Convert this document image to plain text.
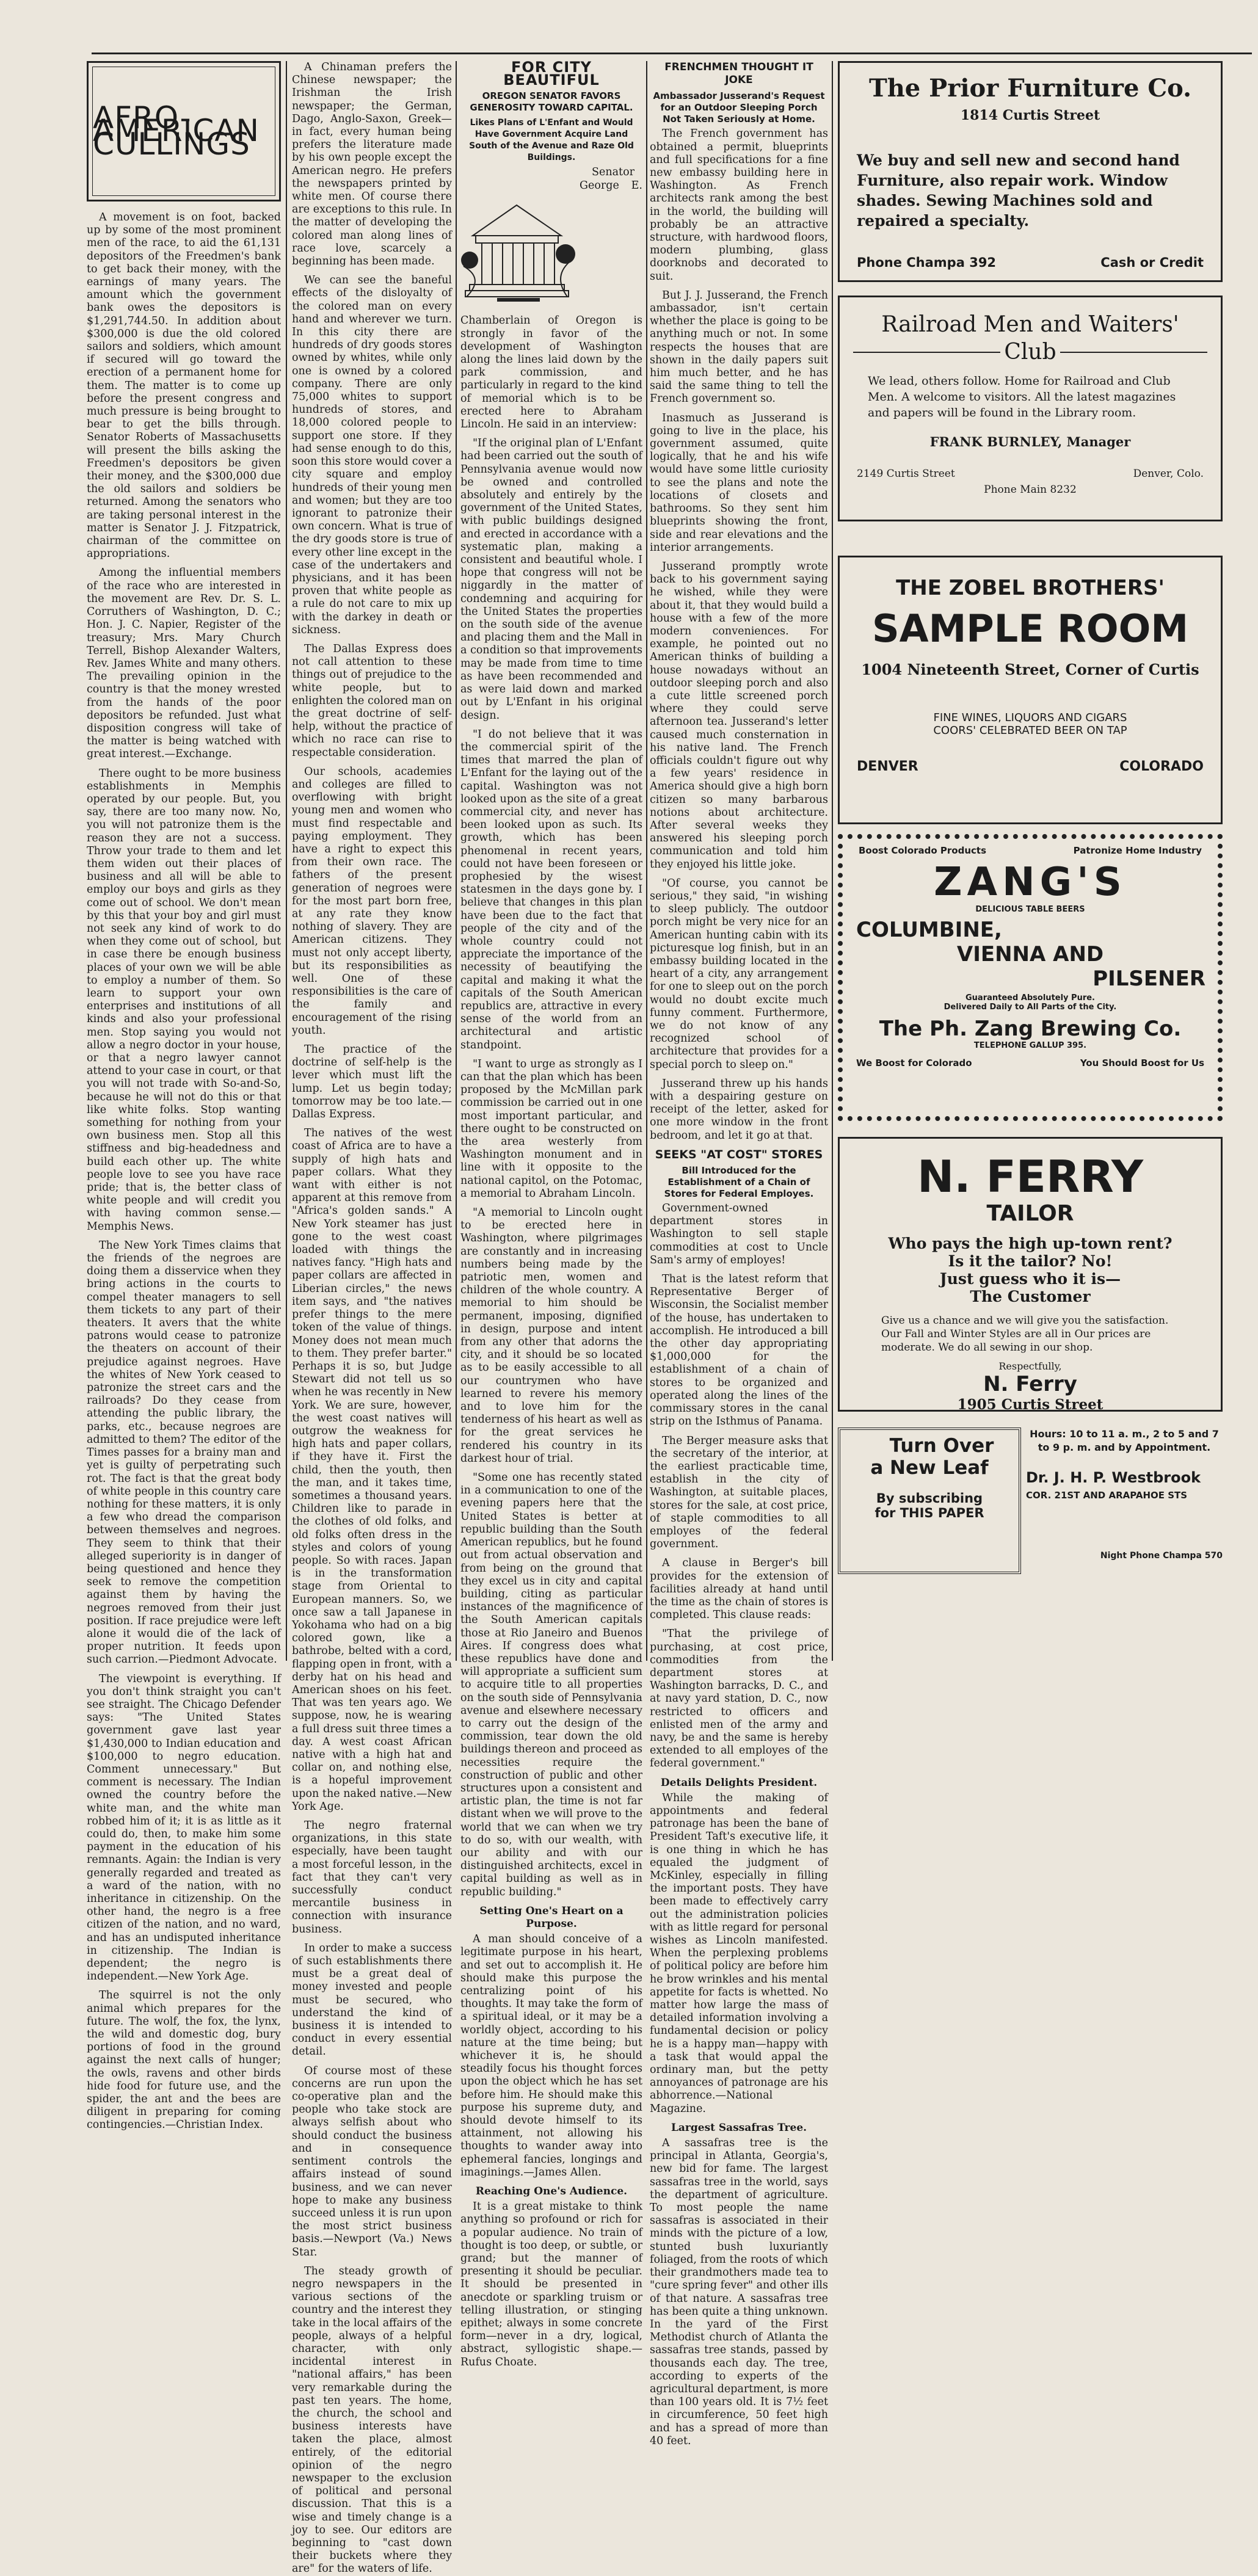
AFRO-AMERICAN CULLINGS

A movement is on foot, backed up by some of the most prominent men of the race, to aid the 61,131 depositors of the Freedmen's bank to get back their money, with the earnings of many years. The amount which the government bank owes the depositors is $1,291,744.50. In addition about $300,000 is due the old colored sailors and soldiers, which amount if secured will go toward the erection of a permanent home for them. The matter is to come up before the present congress and much pressure is being brought to bear to get the bills through. Senator Roberts of Massachusetts will present the bills asking the Freedmen's depositors be given their money, and the $300,000 due the old sailors and soldiers be returned. Among the senators who are taking personal interest in the matter is Senator J. J. Fitzpatrick, chairman of the committee on appropriations.

Among the influential members of the race who are interested in the movement are Rev. Dr. S. L. Corruthers of Washington, D. C.; Hon. J. C. Napier, Register of the treasury; Mrs. Mary Church Terrell, Bishop Alexander Walters, Rev. James White and many others. The prevailing opinion in the country is that the money wrested from the hands of the poor depositors be refunded. Just what disposition congress will take of the matter is being watched with great interest.—Exchange.

There ought to be more business establishments in Memphis operated by our people. But, you say, there are too many now. No, you will not patronize them is the reason they are not a success. Throw your trade to them and let them widen out their places of business and all will be able to employ our boys and girls as they come out of school. We don't mean by this that your boy and girl must not seek any kind of work to do when they come out of school, but in case there be enough business places of your own we will be able to employ a number of them. So learn to support your own enterprises and institutions of all kinds and also your professional men. Stop saying you would not allow a negro doctor in your house, or that a negro lawyer cannot attend to your case in court, or that you will not trade with So-and-So, because he will not do this or that like white folks. Stop wanting something for nothing from your own business men. Stop all this stiffness and big-headedness and build each other up. The white people love to see you have race pride; that is, the better class of white people and will credit you with having common sense.—Memphis News.

The New York Times claims that the friends of the negroes are doing them a disservice when they bring actions in the courts to compel theater managers to sell them tickets to any part of their theaters. It avers that the white patrons would cease to patronize the theaters on account of their prejudice against negroes. Have the whites of New York ceased to patronize the street cars and the railroads? Do they cease from attending the public library, the parks, etc., because negroes are admitted to them? The editor of the Times passes for a brainy man and yet is guilty of perpetrating such rot. The fact is that the great body of white people in this country care nothing for these matters, it is only a few who dread the comparison between themselves and negroes. They seem to think that their alleged superiority is in danger of being questioned and hence they seek to remove the competition against them by having the negroes removed from their just position. If race prejudice were left alone it would die of the lack of proper nutrition. It feeds upon such carrion.—Piedmont Advocate.

The viewpoint is everything. If you don't think straight you can't see straight. The Chicago Defender says: "The United States government gave last year $1,430,000 to Indian education and $100,000 to negro education. Comment unnecessary." But comment is necessary. The Indian owned the country before the white man, and the white man robbed him of it; it is as little as it could do, then, to make him some payment in the education of his remnants. Again: the Indian is very generally regarded and treated as a ward of the nation, with no inheritance in citizenship. On the other hand, the negro is a free citizen of the nation, and no ward, and has an undisputed inheritance in citizenship. The Indian is dependent; the negro is independent.—New York Age.

The squirrel is not the only animal which prepares for the future. The wolf, the fox, the lynx, the wild and domestic dog, bury portions of food in the ground against the next calls of hunger; the owls, ravens and other birds hide food for future use, and the spider, the ant and the bees are diligent in preparing for coming contingencies.—Christian Index.

A Chinaman prefers the Chinese newspaper; the Irishman the Irish newspaper; the German, Dago, Anglo-Saxon, Greek—in fact, every human being prefers the literature made by his own people except the American negro. He prefers the newspapers printed by white men. Of course there are exceptions to this rule. In the matter of developing the colored man along lines of race love, scarcely a beginning has been made.

We can see the baneful effects of the disloyalty of the colored man on every hand and wherever we turn. In this city there are hundreds of dry goods stores owned by whites, while only one is owned by a colored company. There are only 75,000 whites to support hundreds of stores, and 18,000 colored people to support one store. If they had sense enough to do this, soon this store would cover a city square and employ hundreds of their young men and women; but they are too ignorant to patronize their own concern. What is true of the dry goods store is true of every other line except in the case of the undertakers and physicians, and it has been proven that white people as a rule do not care to mix up with the darkey in death or sickness.

The Dallas Express does not call attention to these things out of prejudice to the white people, but to enlighten the colored man on the great doctrine of self-help, without the practice of which no race can rise to respectable consideration.

Our schools, academies and colleges are filled to overflowing with bright young men and women who must find respectable and paying employment. They have a right to expect this from their own race. The fathers of the present generation of negroes were for the most part born free, at any rate they know nothing of slavery. They are American citizens. They must not only accept liberty, but its responsibilities as well. One of these responsibilities is the care of the family and encouragement of the rising youth.

The practice of the doctrine of self-help is the lever which must lift the lump. Let us begin today; tomorrow may be too late.—Dallas Express.

The natives of the west coast of Africa are to have a supply of high hats and paper collars. What they want with either is not apparent at this remove from "Africa's golden sands." A New York steamer has just gone to the west coast loaded with things the natives fancy. "High hats and paper collars are affected in Liberian circles," the news item says, and "the natives prefer things to the mere token of the value of things. Money does not mean much to them. They prefer barter." Perhaps it is so, but Judge Stewart did not tell us so when he was recently in New York. We are sure, however, the west coast natives will outgrow the weakness for high hats and paper collars, if they have it. First the child, then the youth, then the man, and it takes time, sometimes a thousand years. Children like to parade in the clothes of old folks, and old folks often dress in the styles and colors of young people. So with races. Japan is in the transformation stage from Oriental to European manners. So, we once saw a tall Japanese in Yokohama who had on a big colored gown, like a bathrobe, belted with a cord, flapping open in front, with a derby hat on his head and American shoes on his feet. That was ten years ago. We suppose, now, he is wearing a full dress suit three times a day. A west coast African native with a high hat and collar on, and nothing else, is a hopeful improvement upon the naked native.—New York Age.

The negro fraternal organizations, in this state especially, have been taught a most forceful lesson, in the fact that they can't very successfully conduct mercantile business in connection with insurance business.

In order to make a success of such establishments there must be a great deal of money invested and people must be secured, who understand the kind of business it is intended to conduct in every essential detail.

Of course most of these concerns are run upon the co-operative plan and the people who take stock are always selfish about who should conduct the business and in consequence sentiment controls the affairs instead of sound business, and we can never hope to make any business succeed unless it is run upon the most strict business basis.—Newport (Va.) News Star.

The steady growth of negro newspapers in the various sections of the country and the interest they take in the local affairs of the people, always of a helpful character, with only incidental interest in "national affairs," has been very remarkable during the past ten years. The home, the church, the school and business interests have taken the place, almost entirely, of the editorial opinion of the negro newspaper to the exclusion of political and personal discussion. That this is a wise and timely change is a joy to see. Our editors are beginning to "cast down their buckets where they are" for the waters of life.

FOR CITY BEAUTIFUL
OREGON SENATOR FAVORS GENEROSITY TOWARD CAPITAL.
Likes Plans of L'Enfant and Would Have Government Acquire Land South of the Avenue and Raze Old Buildings.

Senator George E. Chamberlain of Oregon is strongly in favor of the development of Washington along the lines laid down by the park commission, and particularly in regard to the kind of memorial which is to be erected here to Abraham Lincoln. He said in an interview:

"If the original plan of L'Enfant had been carried out the south of Pennsylvania avenue would now be owned and controlled absolutely and entirely by the government of the United States, with public buildings designed and erected in accordance with a systematic plan, making a consistent and beautiful whole. I hope that congress will not be niggardly in the matter of condemning and acquiring for the United States the properties on the south side of the avenue and placing them and the Mall in a condition so that improvements may be made from time to time as have been recommended and as were laid down and marked out by L'Enfant in his original design.

"I do not believe that it was the commercial spirit of the times that marred the plan of L'Enfant for the laying out of the capital. Washington was not looked upon as the site of a great commercial city, and never has been looked upon as such. Its growth, which has been phenomenal in recent years, could not have been foreseen or prophesied by the wisest statesmen in the days gone by. I believe that changes in this plan have been due to the fact that people of the city and of the whole country could not appreciate the importance of the necessity of beautifying the capital and making it what the capitals of the South American republics are, attractive in every sense of the world from an architectural and artistic standpoint.

"I want to urge as strongly as I can that the plan which has been proposed by the McMillan park commission be carried out in one most important particular, and there ought to be constructed on the area westerly from Washington monument and in line with it opposite to the national capitol, on the Potomac, a memorial to Abraham Lincoln.

"A memorial to Lincoln ought to be erected here in Washington, where pilgrimages are constantly and in increasing numbers being made by the patriotic men, women and children of the whole country. A memorial to him should be permanent, imposing, dignified in design, purpose and intent from any other that adorns the city, and it should be so located as to be easily accessible to all our countrymen who have learned to revere his memory and to love him for the tenderness of his heart as well as for the great services he rendered his country in its darkest hour of trial.

"Some one has recently stated in a communication to one of the evening papers here that the United States is better at republic building than the South American republics, but he found out from actual observation and from being on the ground that they excel us in city and capital building, citing as particular instances of the magnificence of the South American capitals those at Rio Janeiro and Buenos Aires. If congress does what these republics have done and will appropriate a sufficient sum to acquire title to all properties on the south side of Pennsylvania avenue and elsewhere necessary to carry out the design of the commission, tear down the old buildings thereon and proceed as necessities require the construction of public and other structures upon a consistent and artistic plan, the time is not far distant when we will prove to the world that we can when we try to do so, with our wealth, with our ability and with our distinguished architects, excel in capital building as well as in republic building."

Setting One's Heart on a Purpose.

A man should conceive of a legitimate purpose in his heart, and set out to accomplish it. He should make this purpose the centralizing point of his thoughts. It may take the form of a spiritual ideal, or it may be a worldly object, according to his nature at the time being; but whichever it is, he should steadily focus his thought forces upon the object which he has set before him. He should make this purpose his supreme duty, and should devote himself to its attainment, not allowing his thoughts to wander away into ephemeral fancies, longings and imaginings.—James Allen.

Reaching One's Audience.

It is a great mistake to think anything so profound or rich for a popular audience. No train of thought is too deep, or subtle, or grand; but the manner of presenting it should be peculiar. It should be presented in anecdote or sparkling truism or telling illustration, or stinging epithet; always in some concrete form—never in a dry, logical, abstract, syllogistic shape.—Rufus Choate.

FRENCHMEN THOUGHT IT JOKE
Ambassador Jusserand's Request for an Outdoor Sleeping Porch Not Taken Seriously at Home.

The French government has obtained a permit, blueprints and full specifications for a fine new embassy building here in Washington. As French architects rank among the best in the world, the building will probably be an attractive structure, with hardwood floors, modern plumbing, glass doorknobs and decorated to suit.

But J. J. Jusserand, the French ambassador, isn't certain whether the place is going to be anything much or not. In some respects the houses that are shown in the daily papers suit him much better, and he has said the same thing to tell the French government so.

Inasmuch as Jusserand is going to live in the place, his government assumed, quite logically, that he and his wife would have some little curiosity to see the plans and note the locations of closets and bathrooms. So they sent him blueprints showing the front, side and rear elevations and the interior arrangements.

Jusserand promptly wrote back to his government saying he wished, while they were about it, that they would build a house with a few of the more modern conveniences. For example, he pointed out no American thinks of building a house nowadays without an outdoor sleeping porch and also a cute little screened porch where they could serve afternoon tea. Jusserand's letter caused much consternation in his native land. The French officials couldn't figure out why a few years' residence in America should give a high born citizen so many barbarous notions about architecture. After several weeks they answered his sleeping porch communication and told him they enjoyed his little joke.

"Of course, you cannot be serious," they said, "in wishing to sleep publicly. The outdoor porch might be very nice for an American hunting cabin with its picturesque log finish, but in an embassy building located in the heart of a city, any arrangement for one to sleep out on the porch would no doubt excite much funny comment. Furthermore, we do not know of any recognized school of architecture that provides for a special porch to sleep on."

Jusserand threw up his hands with a despairing gesture on receipt of the letter, asked for one more window in the front bedroom, and let it go at that.

SEEKS "AT COST" STORES
Bill Introduced for the Establishment of a Chain of Stores for Federal Employes.

Government-owned department stores in Washington to sell staple commodities at cost to Uncle Sam's army of employes!

That is the latest reform that Representative Berger of Wisconsin, the Socialist member of the house, has undertaken to accomplish. He introduced a bill the other day appropriating $1,000,000 for the establishment of a chain of stores to be organized and operated along the lines of the commissary stores in the canal strip on the Isthmus of Panama.

The Berger measure asks that the secretary of the interior, at the earliest practicable time, establish in the city of Washington, at suitable places, stores for the sale, at cost price, of staple commodities to all employes of the federal government.

A clause in Berger's bill provides for the extension of facilities already at hand until the time as the chain of stores is completed. This clause reads:

"That the privilege of purchasing, at cost price, commodities from the department stores at Washington barracks, D. C., and at navy yard station, D. C., now restricted to officers and enlisted men of the army and navy, be and the same is hereby extended to all employes of the federal government."

Details Delights President.

While the making of appointments and federal patronage has been the bane of President Taft's executive life, it is one thing in which he has equaled the judgment of McKinley, especially in filling the important posts. They have been made to effectively carry out the administration policies with as little regard for personal wishes as Lincoln manifested. When the perplexing problems of political policy are before him he brow wrinkles and his mental appetite for facts is whetted. No matter how large the mass of detailed information involving a fundamental decision or policy he is a happy man—happy with a task that would appal the ordinary man, but the petty annoyances of patronage are his abhorrence.—National Magazine.

Largest Sassafras Tree.

A sassafras tree is the principal in Atlanta, Georgia's, new bid for fame. The largest sassafras tree in the world, says the department of agriculture. To most people the name sassafras is associated in their minds with the picture of a low, stunted bush luxuriantly foliaged, from the roots of which their grandmothers made tea to "cure spring fever" and other ills of that nature. A sassafras tree has been quite a thing unknown. In the yard of the First Methodist church of Atlanta the sassafras tree stands, passed by thousands each day. The tree, according to experts of the agricultural department, is more than 100 years old. It is 7½ feet in circumference, 50 feet high and has a spread of more than 40 feet.

The Prior Furniture Co.
1814 Curtis Street
We buy and sell new and second hand Furniture, also repair work. Window shades. Sewing Machines sold and repaired a specialty.
Phone Champa 392	Cash or Credit
Railroad Men and Waiters'
Club
We lead, others follow. Home for Railroad and Club Men. A welcome to visitors. All the latest magazines and papers will be found in the Library room.
FRANK BURNLEY, Manager
2149 Curtis Street	Denver, Colo.
Phone Main 8232
THE ZOBEL BROTHERS'
SAMPLE ROOM
1004 Nineteenth Street, Corner of Curtis
FINE WINES, LIQUORS AND CIGARS
COORS' CELEBRATED BEER ON TAP
DENVER	COLORADO
Boost Colorado Products	Patronize Home Industry
ZANG'S
DELICIOUS TABLE BEERS
COLUMBINE,
VIENNA AND
PILSENER
Guaranteed Absolutely Pure.
Delivered Daily to All Parts of the City.
The Ph. Zang Brewing Co.
TELEPHONE GALLUP 395.
We Boost for Colorado	You Should Boost for Us
N. FERRY
TAILOR
Who pays the high up-town rent?
Is it the tailor? No!
Just guess who it is—
The Customer
Give us a chance and we will give you the satisfaction. Our Fall and Winter Styles are all in Our prices are moderate. We do all sewing in our shop.
Respectfully,
N. Ferry
1905 Curtis Street
Turn Over
a New Leaf
By subscribing
for THIS PAPER
Hours: 10 to 11 a. m., 2 to 5 and 7 to 9 p. m. and by Appointment.
Dr. J. H. P. Westbrook
COR. 21ST AND ARAPAHOE STS
Night Phone Champa 570
